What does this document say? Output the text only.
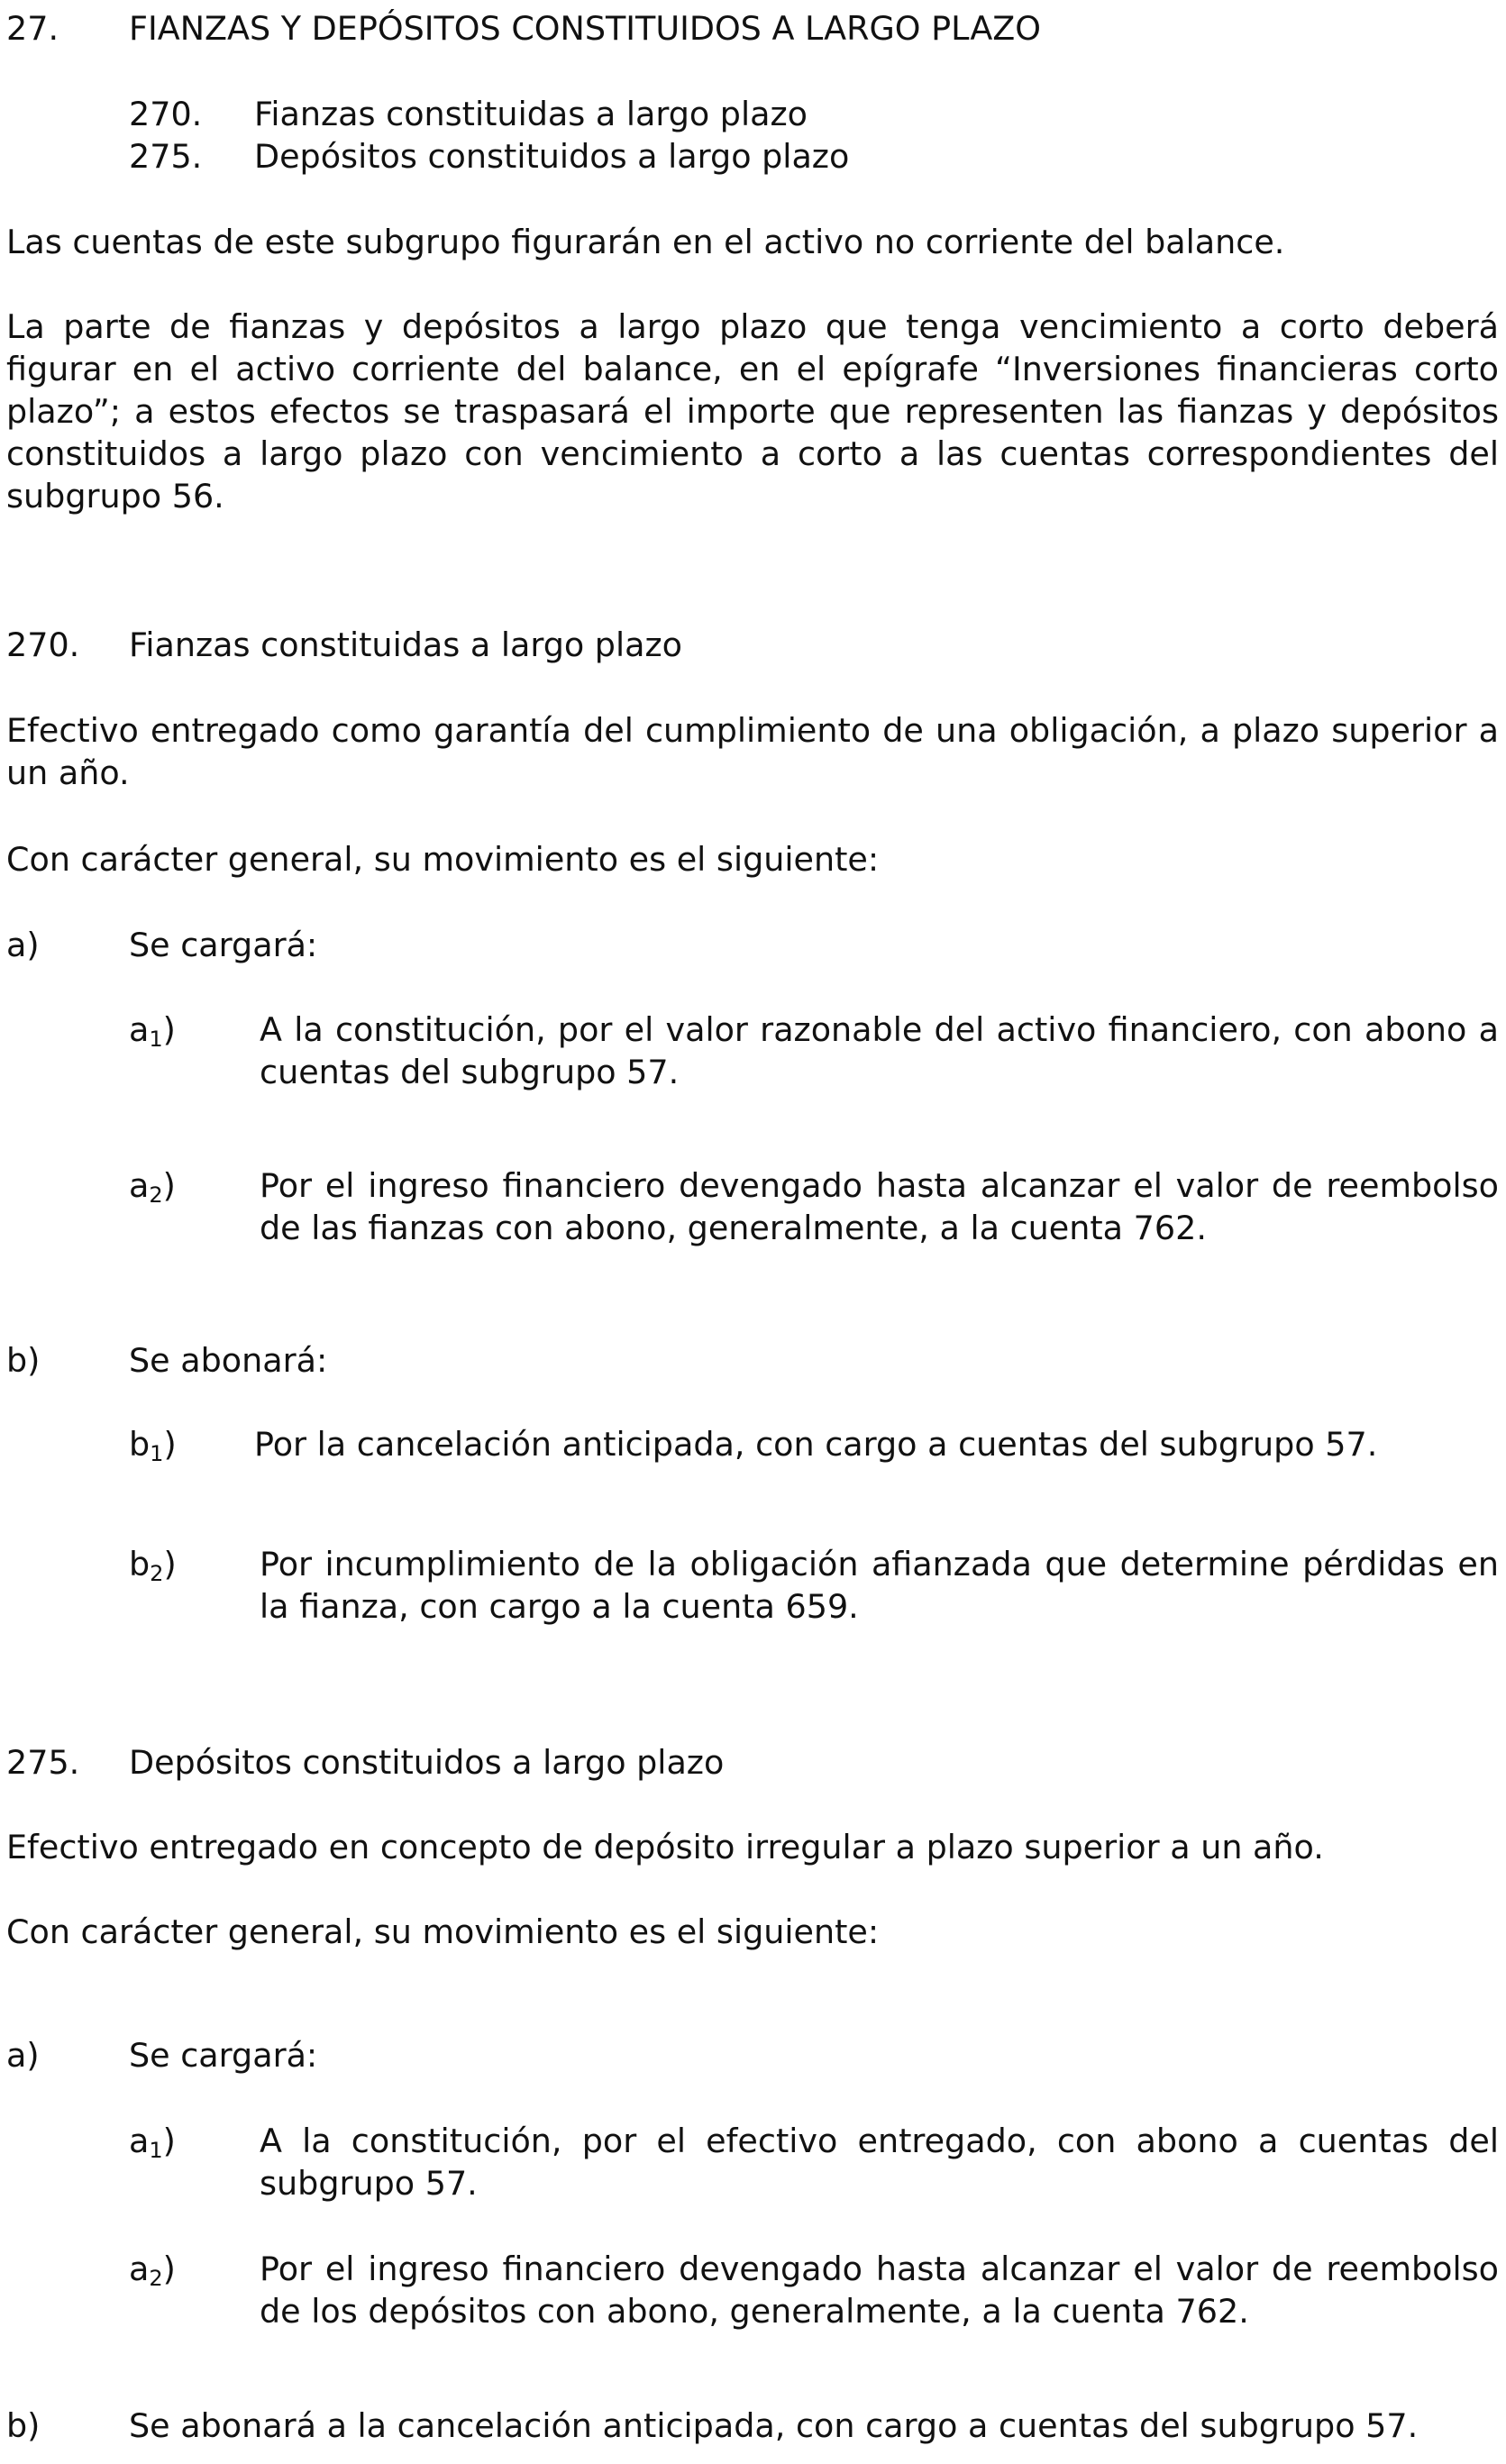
27. FIANZAS Y DEPÓSITOS CONSTITUIDOS A LARGO PLAZO
270. Fianzas constituidas a largo plazo
275. Depósitos constituidos a largo plazo
Las cuentas de este subgrupo figurarán en el activo no corriente del balance.
La parte de fianzas y depósitos a largo plazo que tenga vencimiento a corto deberá figurar en el activo corriente del balance, en el epígrafe “Inversiones financieras corto plazo”; a estos efectos se traspasará el importe que representen las fianzas y depósitos constituidos a largo plazo con vencimiento a corto a las cuentas correspondientes del subgrupo 56.
270. Fianzas constituidas a largo plazo
Efectivo entregado como garantía del cumplimiento de una obligación, a plazo superior a un año.
Con carácter general, su movimiento es el siguiente:
a)	Se cargará:
a1)	A la constitución, por el valor razonable del activo financiero, con abono a cuentas del subgrupo 57.
a2)	Por el ingreso financiero devengado hasta alcanzar el valor de reembolso de las fianzas con abono, generalmente, a la cuenta 762.
b)	Se abonará:
b1) Por la cancelación anticipada, con cargo a cuentas del subgrupo 57.
b2)	Por incumplimiento de la obligación afianzada que determine pérdidas en la fianza, con cargo a la cuenta 659.
275. Depósitos constituidos a largo plazo
Efectivo entregado en concepto de depósito irregular a plazo superior a un año.
Con carácter general, su movimiento es el siguiente:
a)	Se cargará:
a1)	A la constitución, por el efectivo entregado, con abono a cuentas del subgrupo 57.
a2)	Por el ingreso financiero devengado hasta alcanzar el valor de reembolso de los depósitos con abono, generalmente, a la cuenta 762.
b)	Se abonará a la cancelación anticipada, con cargo a cuentas del subgrupo 57.
